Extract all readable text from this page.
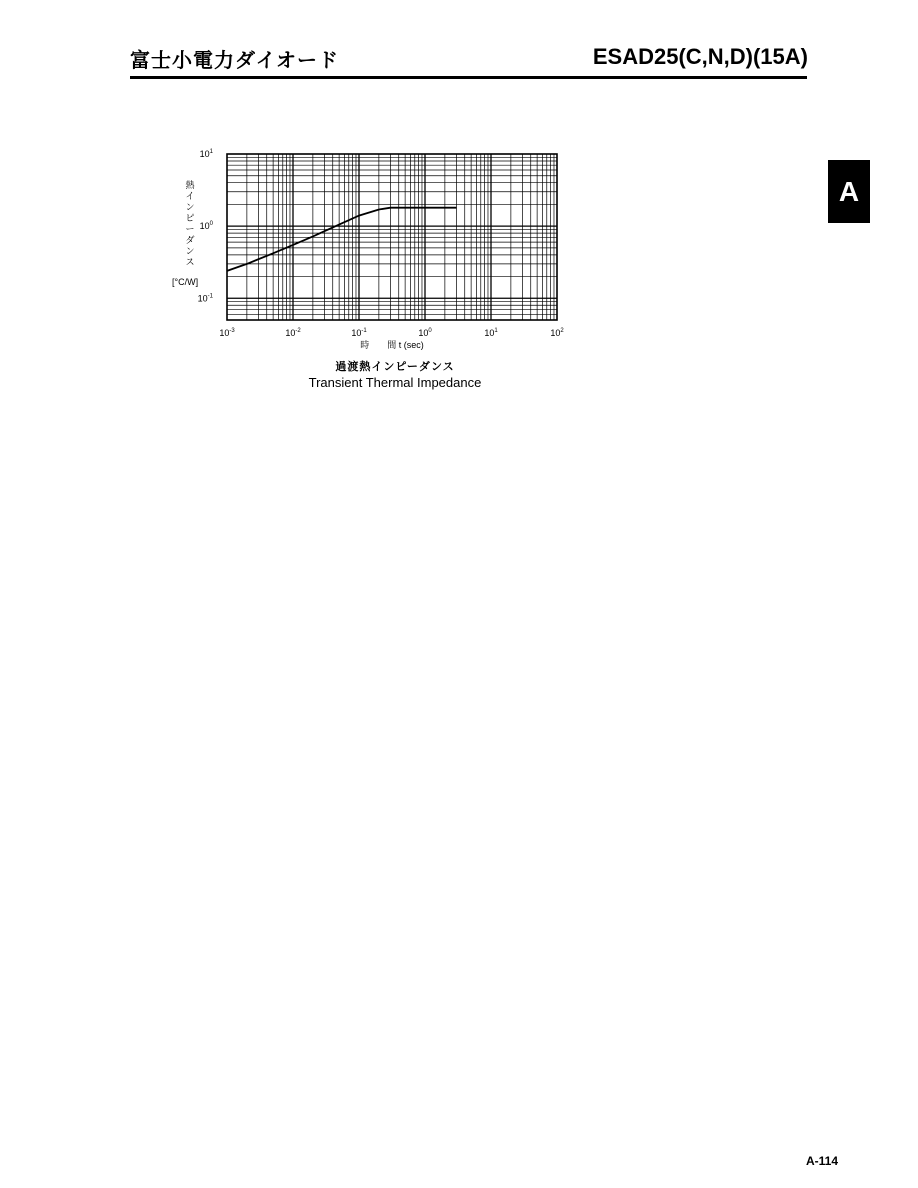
富士小電力ダイオード	ESAD25(C,N,D)(15A)
A
$10^{-3}$	$10^{-2}$	$10^{-1}$	$10^0$	$10^1$	$10^2$
$10^1$
$10^0$
$10^{-1}$
時　　間 t (sec)
熱インピーダンス
[°C/W]
過渡熱インピーダンス
Transient Thermal Impedance
A-114
